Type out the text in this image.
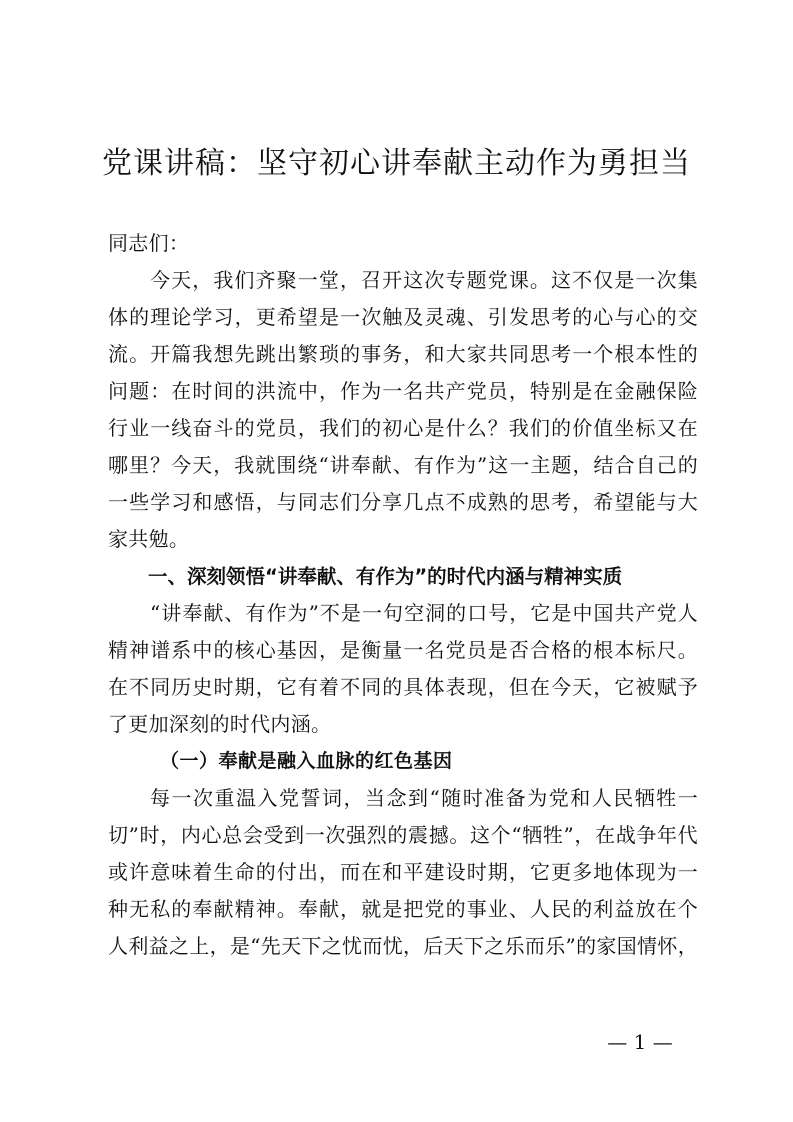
党课讲稿：坚守初心讲奉献主动作为勇担当
同志们：
今天，我们齐聚一堂，召开这次专题党课。这不仅是一次集
体的理论学习，更希望是一次触及灵魂、引发思考的心与心的交
流。开篇我想先跳出繁琐的事务，和大家共同思考一个根本性的
问题：在时间的洪流中，作为一名共产党员，特别是在金融保险
行业一线奋斗的党员，我们的初心是什么？我们的价值坐标又在
哪里？今天，我就围绕“讲奉献、有作为”这一主题，结合自己的
一些学习和感悟，与同志们分享几点不成熟的思考，希望能与大
家共勉。
一、深刻领悟“讲奉献、有作为”的时代内涵与精神实质
“讲奉献、有作为”不是一句空洞的口号，它是中国共产党人
精神谱系中的核心基因，是衡量一名党员是否合格的根本标尺。
在不同历史时期，它有着不同的具体表现，但在今天，它被赋予
了更加深刻的时代内涵。
（一）奉献是融入血脉的红色基因
每一次重温入党誓词，当念到“随时准备为党和人民牺牲一
切”时，内心总会受到一次强烈的震撼。这个“牺牲”，在战争年代
或许意味着生命的付出，而在和平建设时期，它更多地体现为一
种无私的奉献精神。奉献，就是把党的事业、人民的利益放在个
人利益之上，是“先天下之忧而忧，后天下之乐而乐”的家国情怀，
— 1 —
